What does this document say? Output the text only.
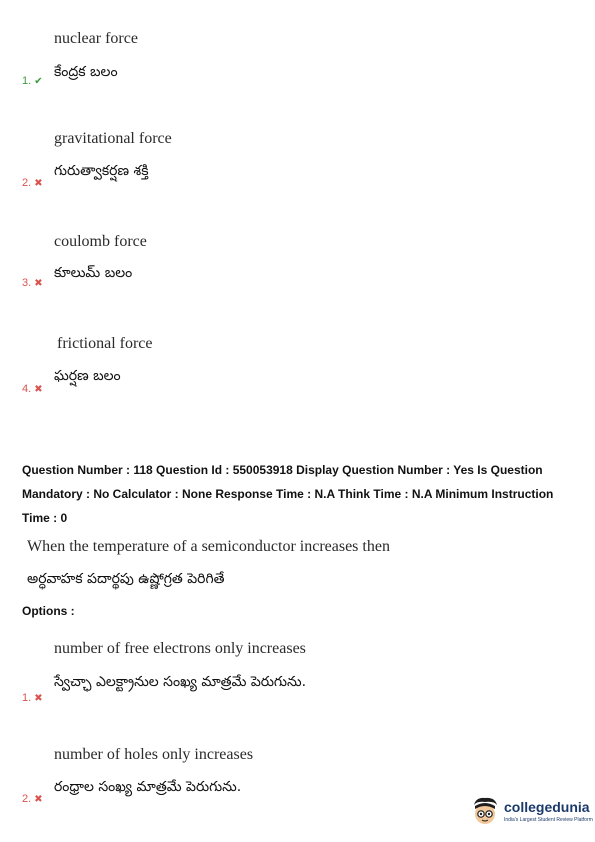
nuclear force
కేంద్రక బలం
1. ✔
gravitational force
గురుత్వాకర్షణ శక్తి
2. ✖
coulomb force
కూలుమ్ బలం
3. ✖
frictional force
ఘర్షణ బలం
4. ✖
Question Number : 118 Question Id : 550053918 Display Question Number : Yes Is Question Mandatory : No Calculator : None Response Time : N.A Think Time : N.A Minimum Instruction Time : 0
When the temperature of a semiconductor increases then
అర్ధవాహక పదార్థపు ఉష్ణోగ్రత పెరిగితే
Options :
number of free electrons only increases
స్వేచ్ఛా ఎలక్ట్రానుల సంఖ్య మాత్రమే పెరుగును.
1. ✖
number of holes only increases
రంధ్రాల సంఖ్య మాత్రమే పెరుగును.
2. ✖	collegedunia
India's Largest Student Review Platform
